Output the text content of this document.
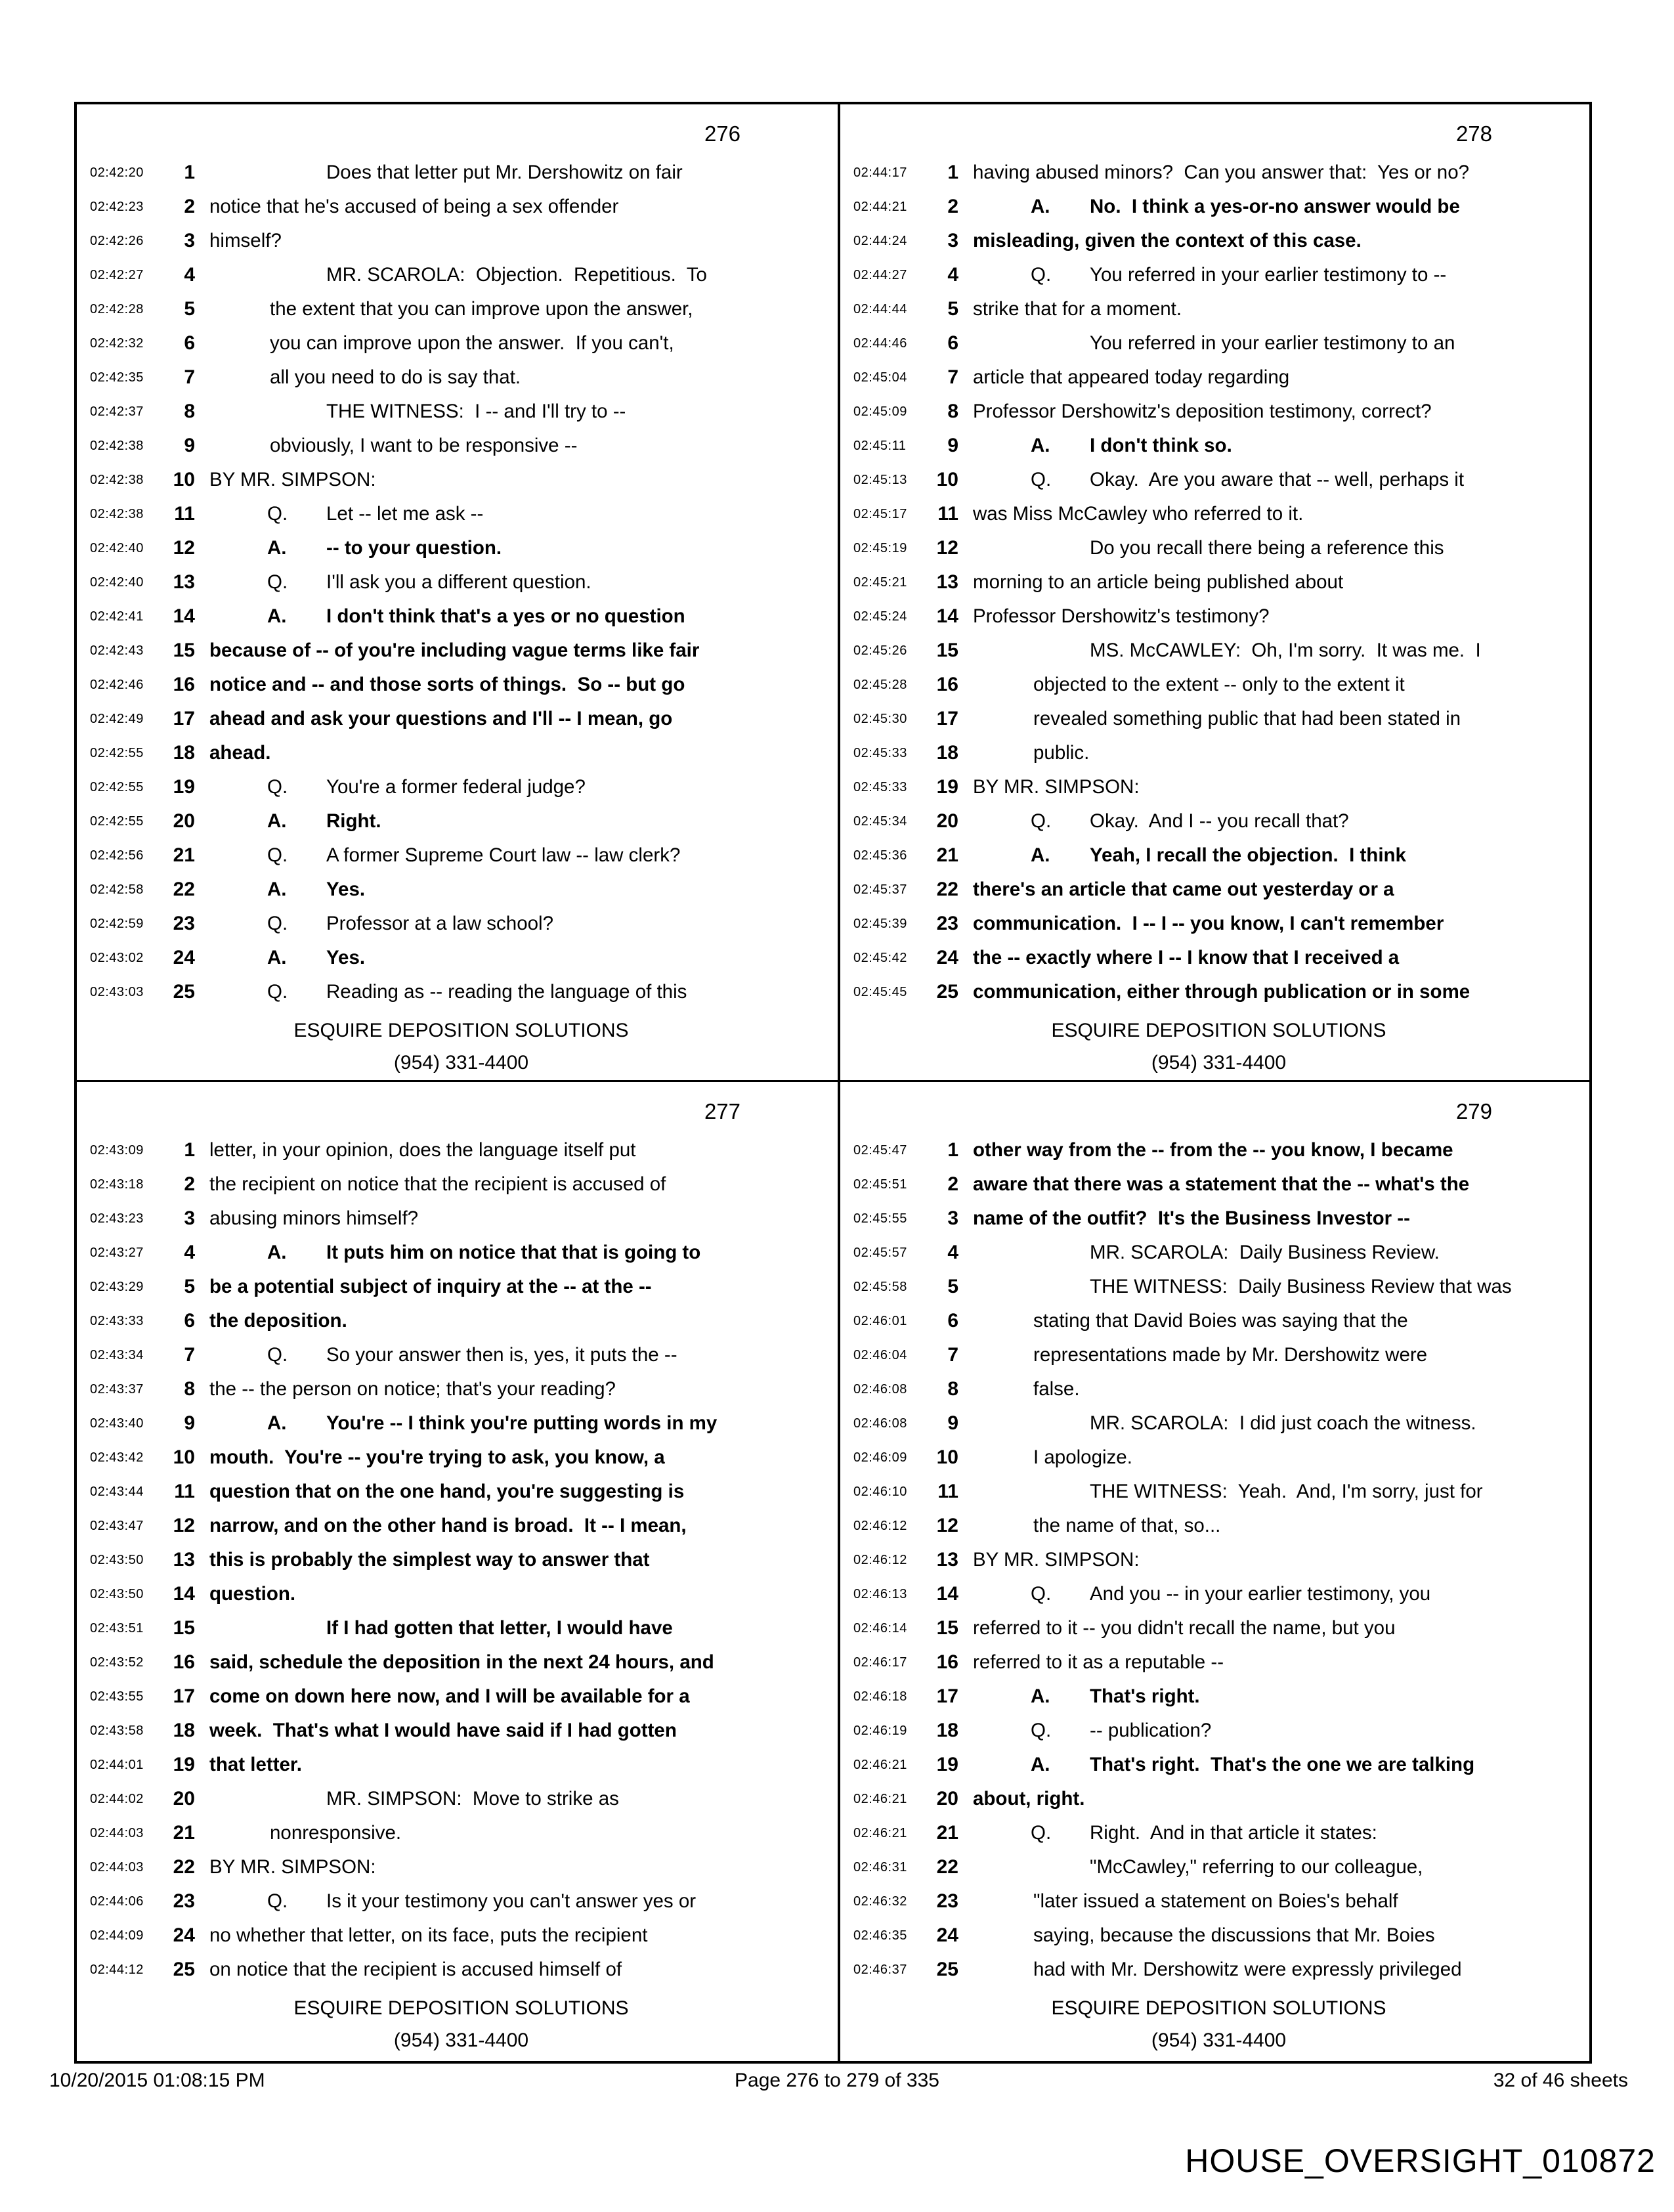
276
02:42:20	1	Does that letter put Mr. Dershowitz on fair
02:42:23	2 notice that he's accused of being a sex offender
02:42:26	3 himself?
02:42:27	4	MR. SCAROLA:  Objection.  Repetitious.  To
02:42:28	5	the extent that you can improve upon the answer,
02:42:32	6	you can improve upon the answer.  If you can't,
02:42:35	7	all you need to do is say that.
02:42:37	8	THE WITNESS:  I -- and I'll try to --
02:42:38	9	obviously, I want to be responsive --
02:42:38	10 BY MR. SIMPSON:
02:42:38	11	Q. Let -- let me ask --
02:42:40	12	A. -- to your question.
02:42:40	13	Q. I'll ask you a different question.
02:42:41	14	A. I don't think that's a yes or no question
02:42:43	15 because of -- of you're including vague terms like fair
02:42:46	16 notice and -- and those sorts of things.  So -- but go
02:42:49	17 ahead and ask your questions and I'll -- I mean, go
02:42:55	18 ahead.
02:42:55	19	Q. You're a former federal judge?
02:42:55	20	A. Right.
02:42:56	21	Q. A former Supreme Court law -- law clerk?
02:42:58	22	A. Yes.
02:42:59	23	Q. Professor at a law school?
02:43:02	24	A. Yes.
02:43:03	25	Q. Reading as -- reading the language of this
ESQUIRE DEPOSITION SOLUTIONS
(954) 331-4400
278
02:44:17	1 having abused minors?  Can you answer that:  Yes or no?
02:44:21	2	A. No.  I think a yes-or-no answer would be
02:44:24	3 misleading, given the context of this case.
02:44:27	4	Q. You referred in your earlier testimony to --
02:44:44	5 strike that for a moment.
02:44:46	6	You referred in your earlier testimony to an
02:45:04	7 article that appeared today regarding
02:45:09	8 Professor Dershowitz's deposition testimony, correct?
02:45:11	9	A. I don't think so.
02:45:13	10	Q. Okay.  Are you aware that -- well, perhaps it
02:45:17	11 was Miss McCawley who referred to it.
02:45:19	12	Do you recall there being a reference this
02:45:21	13 morning to an article being published about
02:45:24	14 Professor Dershowitz's testimony?
02:45:26	15	MS. McCAWLEY:  Oh, I'm sorry.  It was me.  I
02:45:28	16	objected to the extent -- only to the extent it
02:45:30	17	revealed something public that had been stated in
02:45:33	18	public.
02:45:33	19 BY MR. SIMPSON:
02:45:34	20	Q. Okay.  And I -- you recall that?
02:45:36	21	A. Yeah, I recall the objection.  I think
02:45:37	22 there's an article that came out yesterday or a
02:45:39	23 communication.  I -- I -- you know, I can't remember
02:45:42	24 the -- exactly where I -- I know that I received a
02:45:45	25 communication, either through publication or in some
ESQUIRE DEPOSITION SOLUTIONS
(954) 331-4400
277
02:43:09	1 letter, in your opinion, does the language itself put
02:43:18	2 the recipient on notice that the recipient is accused of
02:43:23	3 abusing minors himself?
02:43:27	4	A. It puts him on notice that that is going to
02:43:29	5 be a potential subject of inquiry at the -- at the --
02:43:33	6 the deposition.
02:43:34	7	Q. So your answer then is, yes, it puts the --
02:43:37	8 the -- the person on notice; that's your reading?
02:43:40	9	A. You're -- I think you're putting words in my
02:43:42	10 mouth.  You're -- you're trying to ask, you know, a
02:43:44	11 question that on the one hand, you're suggesting is
02:43:47	12 narrow, and on the other hand is broad.  It -- I mean,
02:43:50	13 this is probably the simplest way to answer that
02:43:50	14 question.
02:43:51	15	If I had gotten that letter, I would have
02:43:52	16 said, schedule the deposition in the next 24 hours, and
02:43:55	17 come on down here now, and I will be available for a
02:43:58	18 week.  That's what I would have said if I had gotten
02:44:01	19 that letter.
02:44:02	20	MR. SIMPSON:  Move to strike as
02:44:03	21	nonresponsive.
02:44:03	22 BY MR. SIMPSON:
02:44:06	23	Q. Is it your testimony you can't answer yes or
02:44:09	24 no whether that letter, on its face, puts the recipient
02:44:12	25 on notice that the recipient is accused himself of
ESQUIRE DEPOSITION SOLUTIONS
(954) 331-4400
279
02:45:47	1 other way from the -- from the -- you know, I became
02:45:51	2 aware that there was a statement that the -- what's the
02:45:55	3 name of the outfit?  It's the Business Investor --
02:45:57	4	MR. SCAROLA:  Daily Business Review.
02:45:58	5	THE WITNESS:  Daily Business Review that was
02:46:01	6	stating that David Boies was saying that the
02:46:04	7	representations made by Mr. Dershowitz were
02:46:08	8	false.
02:46:08	9	MR. SCAROLA:  I did just coach the witness.
02:46:09	10	I apologize.
02:46:10	11	THE WITNESS:  Yeah.  And, I'm sorry, just for
02:46:12	12	the name of that, so...
02:46:12	13 BY MR. SIMPSON:
02:46:13	14	Q. And you -- in your earlier testimony, you
02:46:14	15 referred to it -- you didn't recall the name, but you
02:46:17	16 referred to it as a reputable --
02:46:18	17	A. That's right.
02:46:19	18	Q. -- publication?
02:46:21	19	A. That's right.  That's the one we are talking
02:46:21	20 about, right.
02:46:21	21	Q. Right.  And in that article it states:
02:46:31	22	"McCawley," referring to our colleague,
02:46:32	23	"later issued a statement on Boies's behalf
02:46:35	24	saying, because the discussions that Mr. Boies
02:46:37	25	had with Mr. Dershowitz were expressly privileged
ESQUIRE DEPOSITION SOLUTIONS
(954) 331-4400
10/20/2015 01:08:15 PM	Page 276 to 279 of 335	32 of 46 sheets
HOUSE_OVERSIGHT_010872
